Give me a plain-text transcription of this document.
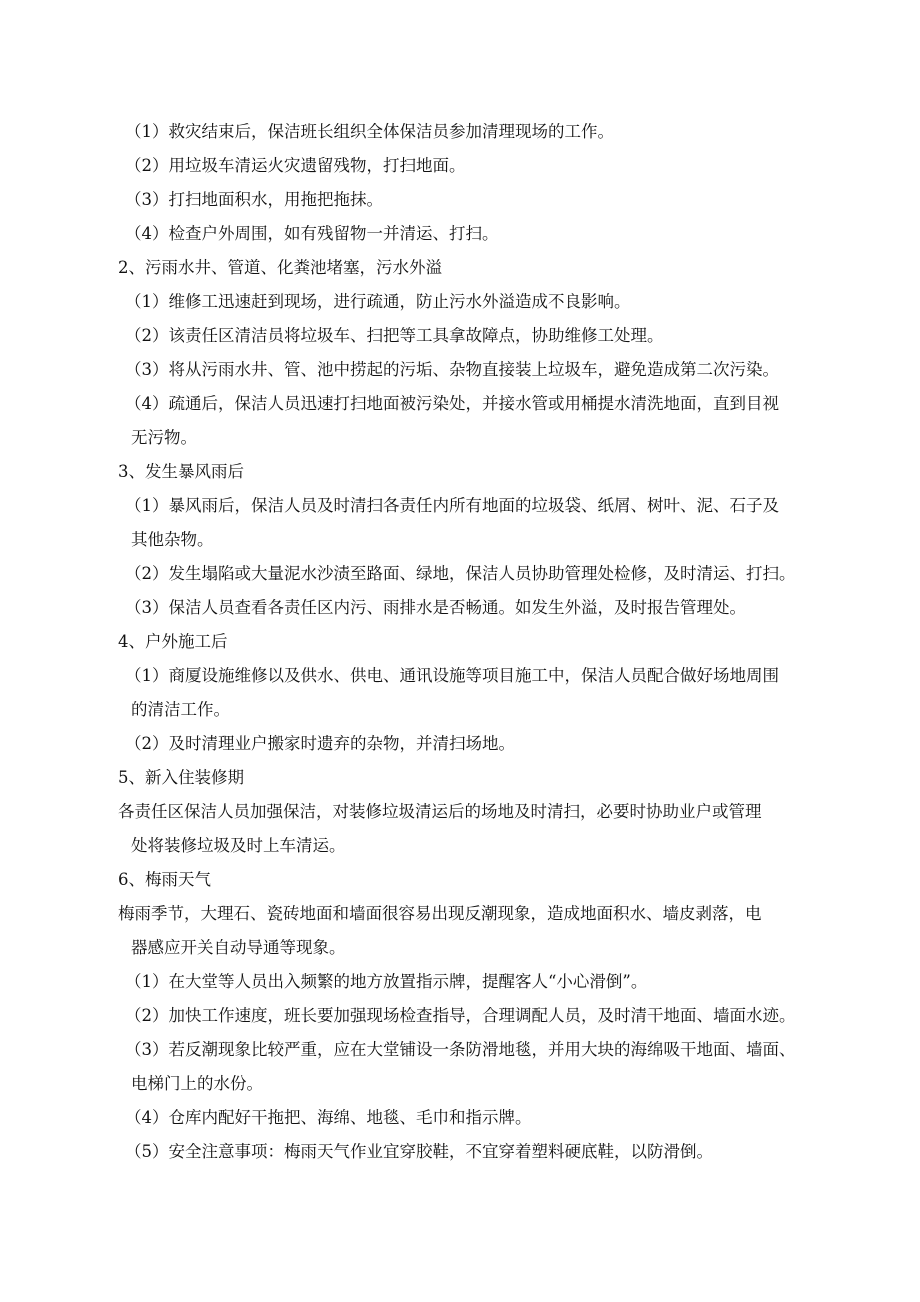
（1）救灾结束后，保洁班长组织全体保洁员参加清理现场的工作。
（2）用垃圾车清运火灾遗留残物，打扫地面。
（3）打扫地面积水，用拖把拖抹。
（4）检查户外周围，如有残留物一并清运、打扫。
2、污雨水井、管道、化粪池堵塞，污水外溢
（1）维修工迅速赶到现场，进行疏通，防止污水外溢造成不良影响。
（2）该责任区清洁员将垃圾车、扫把等工具拿故障点，协助维修工处理。
（3）将从污雨水井、管、池中捞起的污垢、杂物直接装上垃圾车，避免造成第二次污染。
（4）疏通后，保洁人员迅速打扫地面被污染处，并接水管或用桶提水清洗地面，直到目视
无污物。
3、发生暴风雨后
（1）暴风雨后，保洁人员及时清扫各责任内所有地面的垃圾袋、纸屑、树叶、泥、石子及
其他杂物。
（2）发生塌陷或大量泥水沙渍至路面、绿地，保洁人员协助管理处检修，及时清运、打扫。
（3）保洁人员查看各责任区内污、雨排水是否畅通。如发生外溢，及时报告管理处。
4、户外施工后
（1）商厦设施维修以及供水、供电、通讯设施等项目施工中，保洁人员配合做好场地周围
的清洁工作。
（2）及时清理业户搬家时遗弃的杂物，并清扫场地。
5、新入住装修期
各责任区保洁人员加强保洁，对装修垃圾清运后的场地及时清扫，必要时协助业户或管理
处将装修垃圾及时上车清运。
6、梅雨天气
梅雨季节，大理石、瓷砖地面和墙面很容易出现反潮现象，造成地面积水、墙皮剥落，电
器感应开关自动导通等现象。
（1）在大堂等人员出入频繁的地方放置指示牌，提醒客人“小心滑倒”。
（2）加快工作速度，班长要加强现场检查指导，合理调配人员，及时清干地面、墙面水迹。
（3）若反潮现象比较严重，应在大堂铺设一条防滑地毯，并用大块的海绵吸干地面、墙面、
电梯门上的水份。
（4）仓库内配好干拖把、海绵、地毯、毛巾和指示牌。
（5）安全注意事项：梅雨天气作业宜穿胶鞋，不宜穿着塑料硬底鞋，以防滑倒。
